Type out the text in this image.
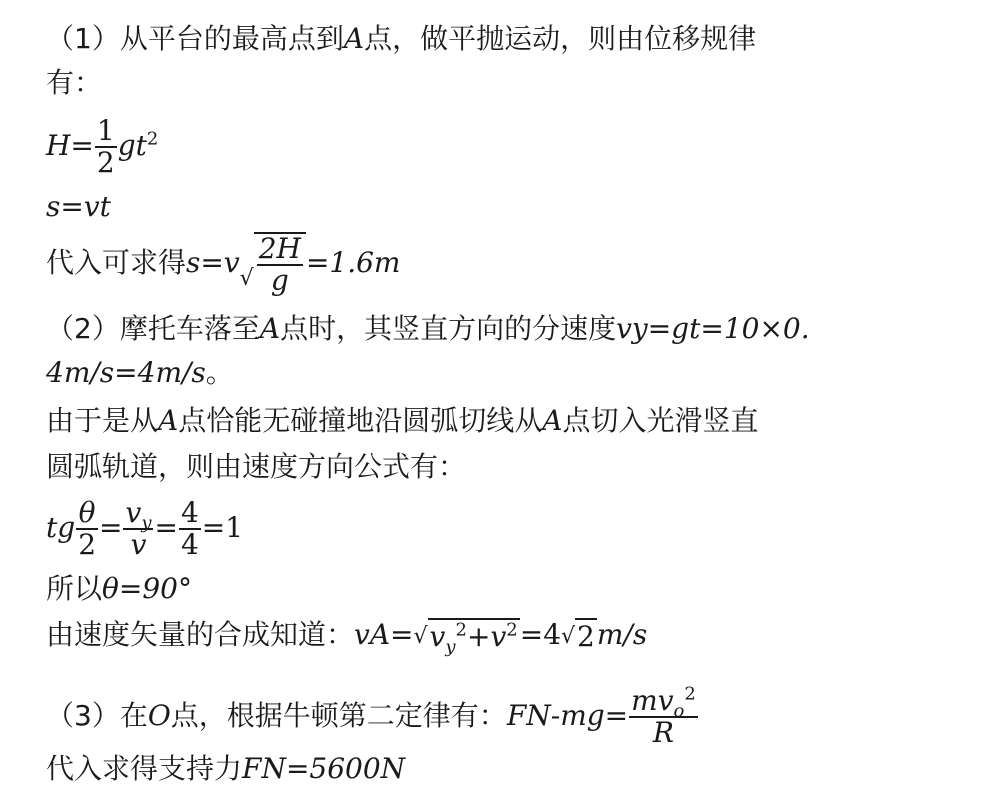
（1）从平台的最高点到A点，做平抛运动，则由位移规律
有：
$H= \frac{1}{2} gt^2$
s=vt
代入可求得$s=v√ \frac{2H}{g} =1.6m$
（2）摩托车落至A点时，其竖直方向的分速度vy=gt=10×0.
4m/s=4m/s。
由于是从A点恰能无碰撞地沿圆弧切线从A点切入光滑竖直
圆弧轨道，则由速度方向公式有：
tg $\frac{\theta}{2} = \frac{v_y}{v} = \frac{4}{4} =1$
所以θ=90°
由速度矢量的合成知道：$vA=√v_y^2+v^2=4√2m/s$
（3）在O点，根据牛顿第二定律有：$FN-mg= \frac{mv_o^2}{R}$
代入求得支持力FN=5600N
